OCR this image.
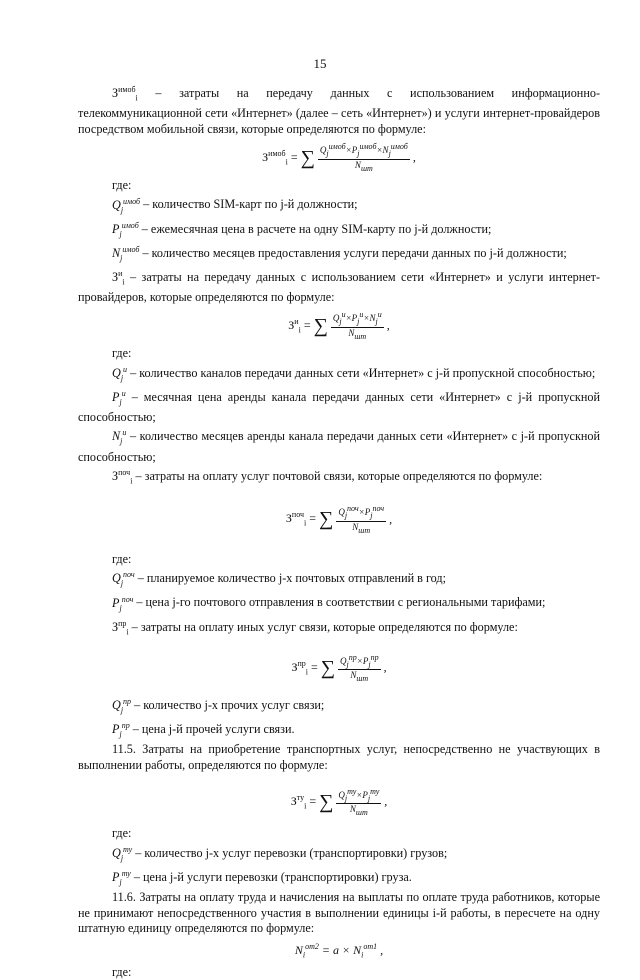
15

$З^{имоб}_i$ – затраты на передачу данных с использованием информационно-телекоммуникационной сети «Интернет» (далее – сеть «Интернет») и услуги интернет-провайдеров посредством мобильной связи, которые определяются по формуле:

$З^{имоб}_i$ = ∑ $\frac{Q_j^{имоб}\times P_j^{имоб}\times N_j^{имоб}}{N_{шт}}$ ,

где:

$Q_j^{имоб}$ – количество SIM-карт по j-й должности;

$P_j^{имоб}$ – ежемесячная цена в расчете на одну SIM-карту по j-й должности;

$N_j^{имоб}$ – количество месяцев предоставления услуги передачи данных по j-й должности;

$З^и_i$ – затраты на передачу данных с использованием сети «Интернет» и услуги интернет-провайдеров, которые определяются по формуле:

$З^и_i$ = ∑ $\frac{Q_j^и\times P_j^и\times N_j^и}{N_{шт}}$ ,

где:

$Q_j^и$ – количество каналов передачи данных сети «Интернет» с j-й пропускной способностью;

$P_j^и$ – месячная цена аренды канала передачи данных сети «Интернет» с j-й пропускной способностью;

$N_j^и$ – количество месяцев аренды канала передачи данных сети «Интернет» с j-й пропускной способностью;

$З^{поч}_i$ – затраты на оплату услуг почтовой связи, которые определяются по формуле:

$З^{поч}_i$ = ∑ $\frac{Q_j^{поч}\times P_j^{поч}}{N_{шт}}$ ,

где:

$Q_j^{поч}$ – планируемое количество j-х почтовых отправлений в год;

$P_j^{поч}$ – цена j-го почтового отправления в соответствии с региональными тарифами;

$З^{пр}_i$ – затраты на оплату иных услуг связи, которые определяются по формуле:

$З^{пр}_i$ = ∑ $\frac{Q_j^{пр}\times P_j^{пр}}{N_{шт}}$ ,

$Q_j^{пр}$ – количество j-х прочих услуг связи;

$P_j^{пр}$ – цена j-й прочей услуги связи.

11.5. Затраты на приобретение транспортных услуг, непосредственно не участвующих в выполнении работы, определяются по формуле:

$З^{ту}_i$ = ∑ $\frac{Q_j^{ту}\times P_j^{ту}}{N_{шт}}$ ,

где:

$Q_j^{ту}$ – количество j-х услуг перевозки (транспортировки) грузов;

$P_j^{ту}$ – цена j-й услуги перевозки (транспортировки) груза.

11.6. Затраты на оплату труда и начисления на выплаты по оплате труда работников, которые не принимают непосредственного участия в выполнении единицы i-й работы, в пересчете на одну штатную единицу определяются по формуле:

$N_i^{от2} = a \times N_i^{от1}$ ,

где:
